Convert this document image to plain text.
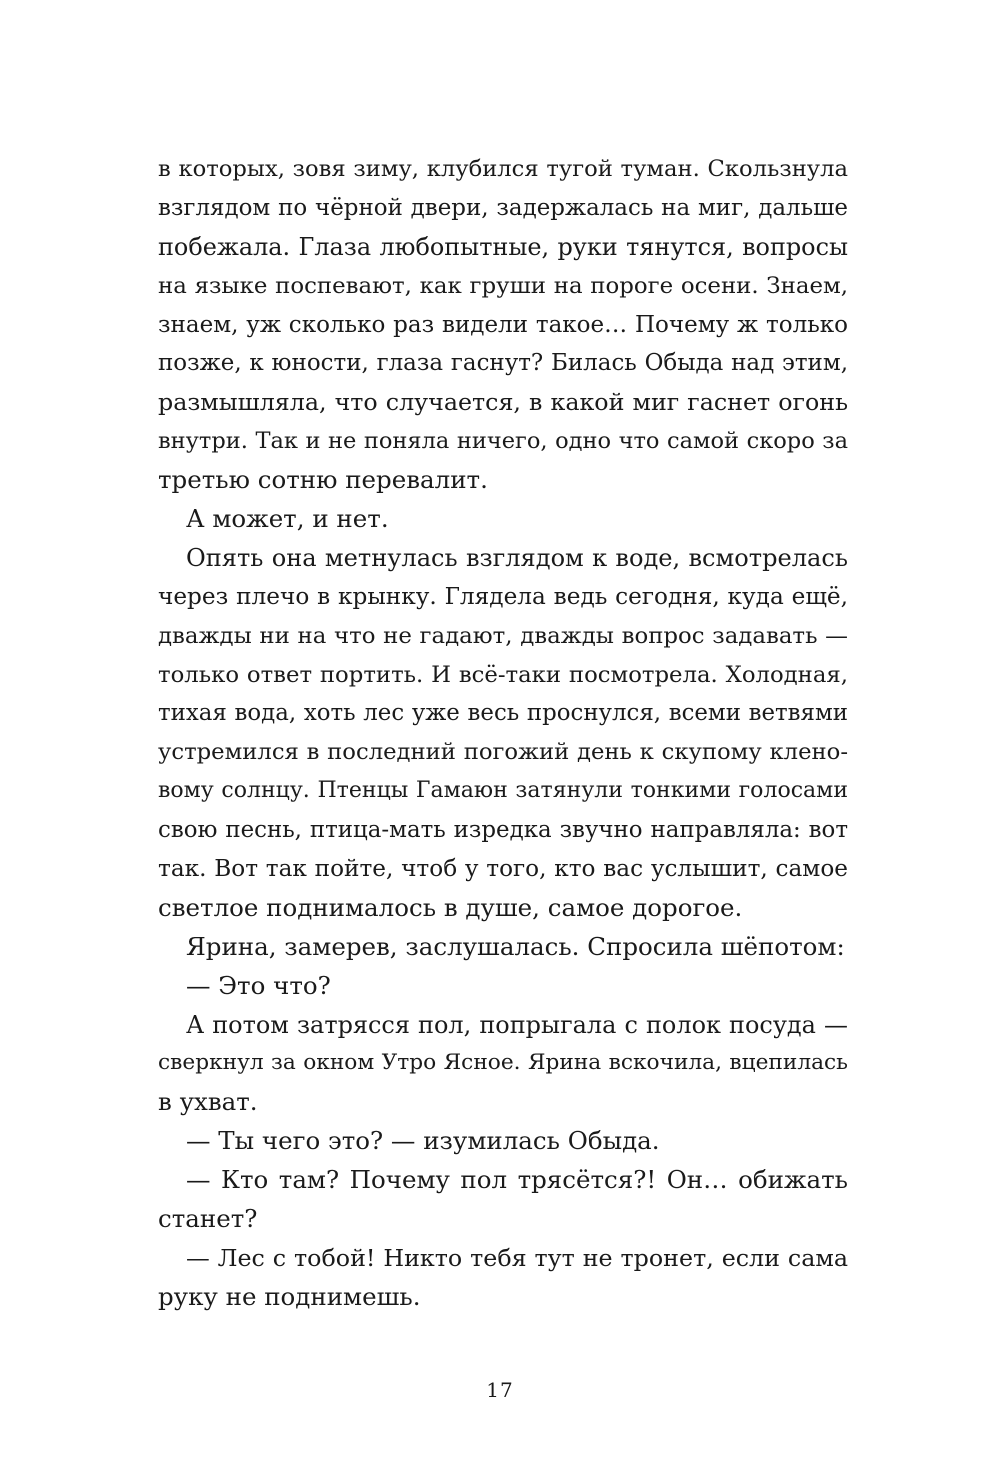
в которых, зовя зиму, клубился тугой туман. Скользнула
взглядом по чёрной двери, задержалась на миг, дальше
побежала. Глаза любопытные, руки тянутся, вопросы
на языке поспевают, как груши на пороге осени. Знаем,
знаем, уж сколько раз видели такое… Почему ж только
позже, к юности, глаза гаснут? Билась Обыда над этим,
размышляла, что случается, в какой миг гаснет огонь
внутри. Так и не поняла ничего, одно что самой скоро за
третью сотню перевалит.
А может, и нет.
Опять она метнулась взглядом к воде, всмотрелась
через плечо в крынку. Глядела ведь сегодня, куда ещё,
дважды ни на что не гадают, дважды вопрос задавать —
только ответ портить. И всё-таки посмотрела. Холодная,
тихая вода, хоть лес уже весь проснулся, всеми ветвями
устремился в последний погожий день к скупому клено-
вому солнцу. Птенцы Гамаюн затянули тонкими голосами
свою песнь, птица-мать изредка звучно направляла: вот
так. Вот так пойте, чтоб у того, кто вас услышит, самое
светлое поднималось в душе, самое дорогое.
Ярина, замерев, заслушалась. Спросила шёпотом:
— Это что?
А потом затрясся пол, попрыгала с полок посуда —
сверкнул за окном Утро Ясное. Ярина вскочила, вцепилась
в ухват.
— Ты чего это? — изумилась Обыда.
— Кто там? Почему пол трясётся?! Он… обижать
станет?
— Лес с тобой! Никто тебя тут не тронет, если сама
руку не поднимешь.
17
